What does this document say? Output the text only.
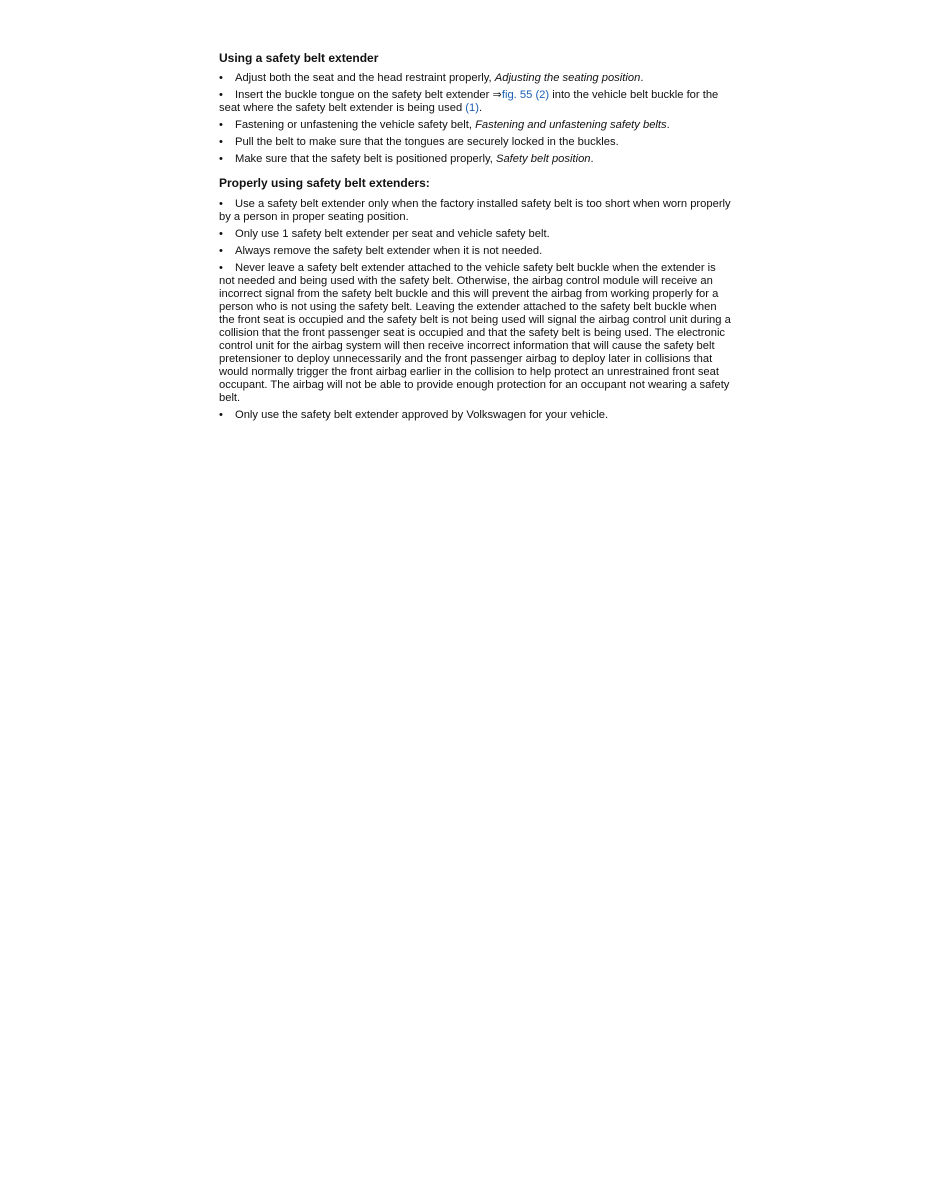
Using a safety belt extender
• Adjust both the seat and the head restraint properly, Adjusting the seating position.
• Insert the buckle tongue on the safety belt extender ⇒fig. 55 (2) into the vehicle belt buckle for the seat where the safety belt extender is being used (1).
• Fastening or unfastening the vehicle safety belt, Fastening and unfastening safety belts.
• Pull the belt to make sure that the tongues are securely locked in the buckles.
• Make sure that the safety belt is positioned properly, Safety belt position.
Properly using safety belt extenders:
• Use a safety belt extender only when the factory installed safety belt is too short when worn properly by a person in proper seating position.
• Only use 1 safety belt extender per seat and vehicle safety belt.
• Always remove the safety belt extender when it is not needed.
• Never leave a safety belt extender attached to the vehicle safety belt buckle when the extender is not needed and being used with the safety belt. Otherwise, the airbag control module will receive an incorrect signal from the safety belt buckle and this will prevent the airbag from working properly for a person who is not using the safety belt. Leaving the extender attached to the safety belt buckle when the front seat is occupied and the safety belt is not being used will signal the airbag control unit during a collision that the front passenger seat is occupied and that the safety belt is being used. The electronic control unit for the airbag system will then receive incorrect information that will cause the safety belt pretensioner to deploy unnecessarily and the front passenger airbag to deploy later in collisions that would normally trigger the front airbag earlier in the collision to help protect an unrestrained front seat occupant. The airbag will not be able to provide enough protection for an occupant not wearing a safety belt.
• Only use the safety belt extender approved by Volkswagen for your vehicle.
